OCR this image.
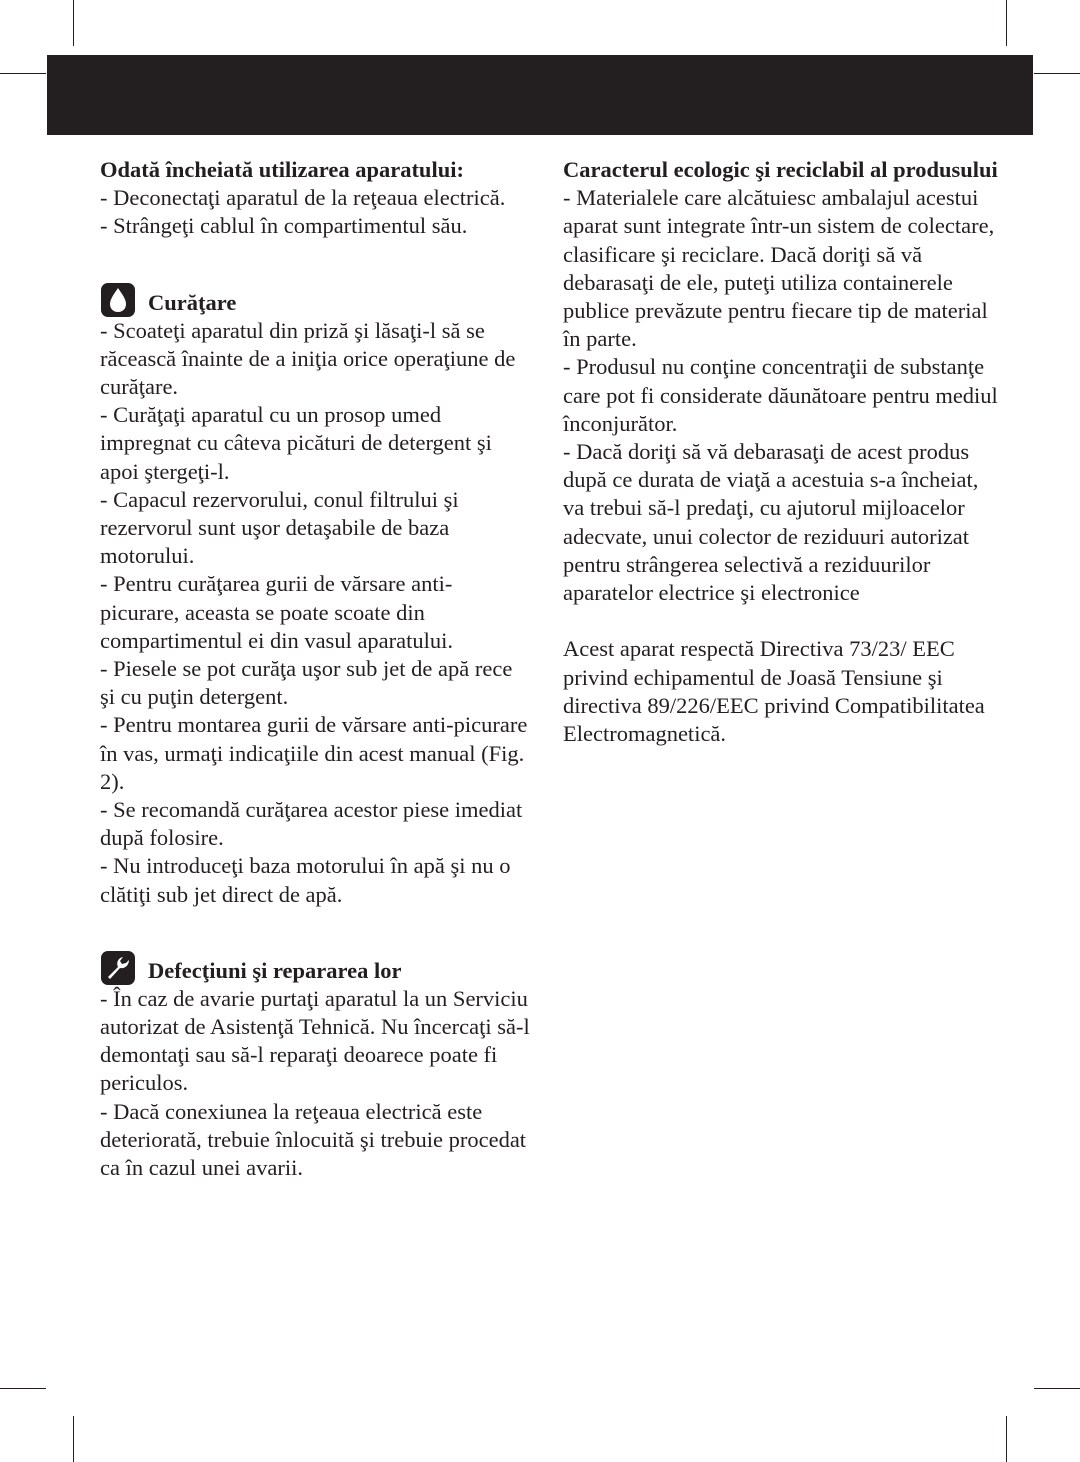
Odată încheiată utilizarea aparatului:

- Deconectaţi aparatul de la reţeaua electrică.

- Strângeţi cablul în compartimentul său.

Curăţare

- Scoateţi aparatul din priză şi lăsaţi-l să se răcească înainte de a iniţia orice operaţiune de curăţare.

- Curăţaţi aparatul cu un prosop umed impregnat cu câteva picături de detergent şi apoi ştergeţi-l.

- Capacul rezervorului, conul filtrului şi rezervorul sunt uşor detaşabile de baza motorului.

- Pentru curăţarea gurii de vărsare anti-picurare, aceasta se poate scoate din compartimentul ei din vasul aparatului.

- Piesele se pot curăţa uşor sub jet de apă rece şi cu puţin detergent.

- Pentru montarea gurii de vărsare anti-picurare în vas, urmaţi indicaţiile din acest manual (Fig. 2).

- Se recomandă curăţarea acestor piese imediat după folosire.

- Nu introduceţi baza motorului în apă şi nu o clătiţi sub jet direct de apă.

Defecţiuni şi repararea lor

- În caz de avarie purtaţi aparatul la un Serviciu autorizat de Asistenţă Tehnică. Nu încercaţi să-l demontaţi sau să-l reparaţi deoarece poate fi periculos.

- Dacă conexiunea la reţeaua electrică este deteriorată, trebuie înlocuită şi trebuie procedat ca în cazul unei avarii.

Caracterul ecologic şi reciclabil al produsului

- Materialele care alcătuiesc ambalajul acestui aparat sunt integrate într-un sistem de colectare, clasificare şi reciclare. Dacă doriţi să vă debarasaţi de ele, puteţi utiliza containerele publice prevăzute pentru fiecare tip de material în parte.

- Produsul nu conţine concentraţii de substanţe care pot fi considerate dăunătoare pentru mediul înconjurător.

- Dacă doriţi să vă debarasaţi de acest produs după ce durata de viaţă a acestuia s-a încheiat, va trebui să-l predaţi, cu ajutorul mijloacelor adecvate, unui colector de reziduuri autorizat pentru strângerea selectivă a reziduurilor aparatelor electrice şi electronice

Acest aparat respectă Directiva 73/23/ EEC privind echipamentul de Joasă Tensiune şi directiva 89/226/EEC privind Compatibilitatea Electromagnetică.
